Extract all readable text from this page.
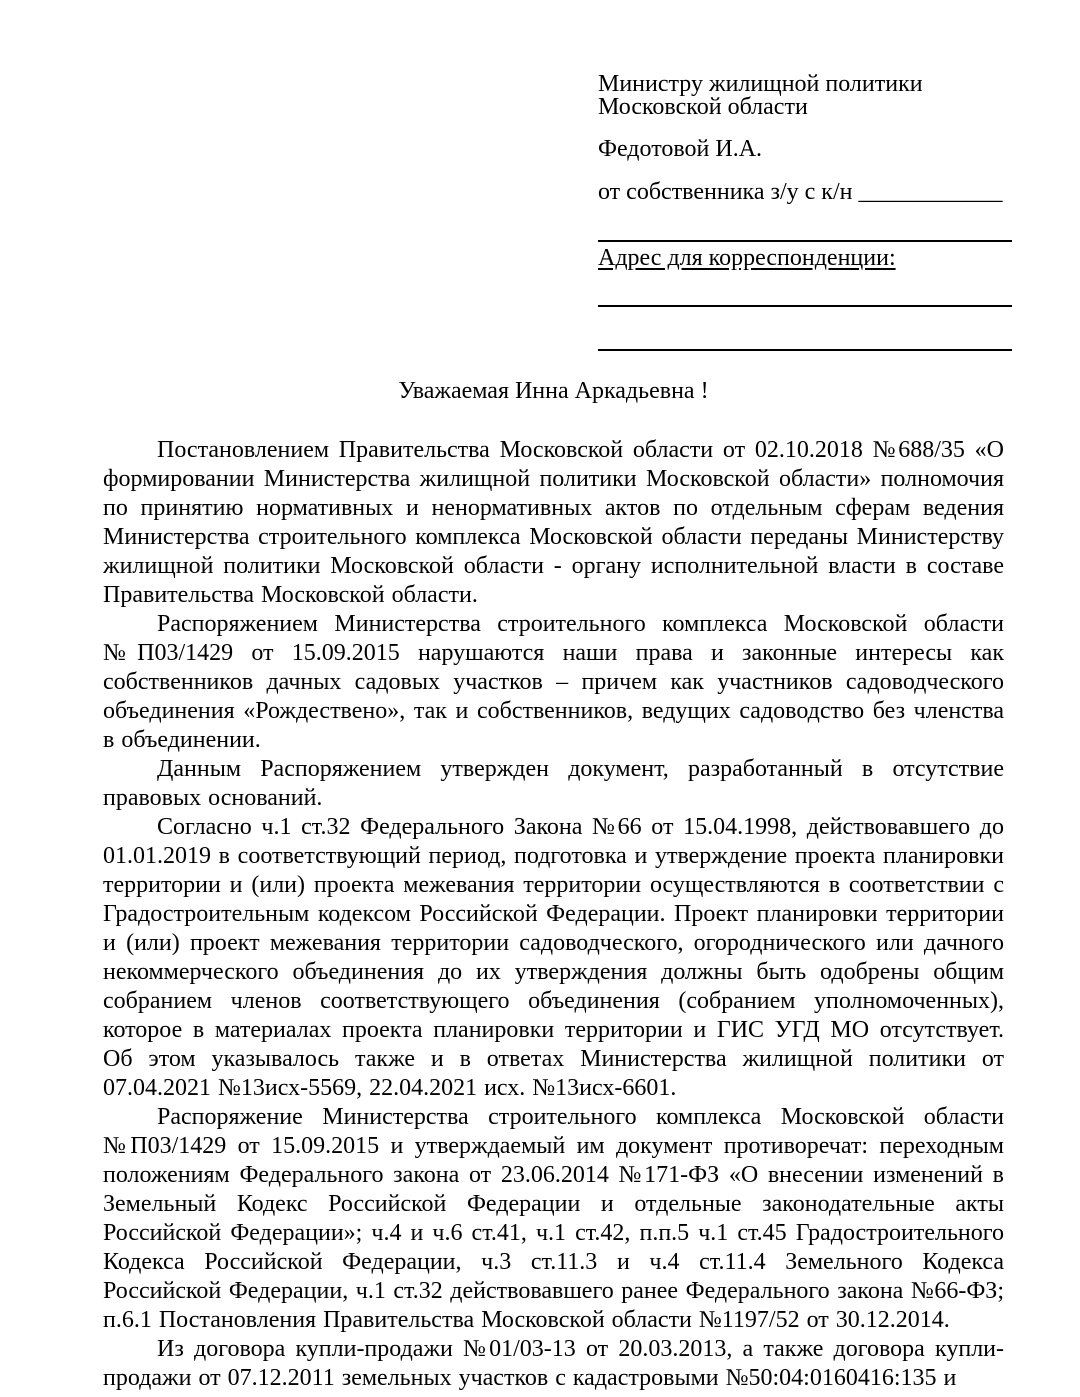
Министру жилищной политики
Московской области
Федотовой И.А.
от собственника з/у с к/н ____________
Адрес для корреспонденции:
Уважаемая Инна Аркадьевна !

Постановлением Правительства Московской области от 02.10.2018 №688/35 «О формировании Министерства жилищной политики Московской области» полномочия по принятию нормативных и ненормативных актов по отдельным сферам ведения Министерства строительного комплекса Московской области переданы Министерству жилищной политики Московской области - органу исполнительной власти в составе Правительства Московской области.

Распоряжением Министерства строительного комплекса Московской области №П03/1429 от 15.09.2015 нарушаются наши права и законные интересы как собственников дачных садовых участков – причем как участников садоводческого объединения «Рождествено», так и собственников, ведущих садоводство без членства в объединении.

Данным Распоряжением утвержден документ, разработанный в отсутствие правовых оснований.

Согласно ч.1 ст.32 Федерального Закона №66 от 15.04.1998, действовавшего до 01.01.2019 в соответствующий период, подготовка и утверждение проекта планировки территории и (или) проекта межевания территории осуществляются в соответствии с Градостроительным кодексом Российской Федерации. Проект планировки территории и (или) проект межевания территории садоводческого, огороднического или дачного некоммерческого объединения до их утверждения должны быть одобрены общим собранием членов соответствующего объединения (собранием уполномоченных), которое в материалах проекта планировки территории и ГИС УГД МО отсутствует. Об этом указывалось также и в ответах Министерства жилищной политики от 07.04.2021 №13исх-5569, 22.04.2021 исх. №13исх-6601.

Распоряжение Министерства строительного комплекса Московской области №П03/1429 от 15.09.2015 и утверждаемый им документ противоречат: переходным положениям Федерального закона от 23.06.2014 №171-ФЗ «О внесении изменений в Земельный Кодекс Российской Федерации и отдельные законодательные акты Российской Федерации»; ч.4 и ч.6 ст.41, ч.1 ст.42, п.п.5 ч.1 ст.45 Градостроительного Кодекса Российской Федерации, ч.3 ст.11.3 и ч.4 ст.11.4 Земельного Кодекса Российской Федерации, ч.1 ст.32 действовавшего ранее Федерального закона №66-ФЗ; п.6.1 Постановления Правительства Московской области №1197/52 от 30.12.2014.

Из договора купли-продажи №01/03-13 от 20.03.2013, а также договора купли-продажи от 07.12.2011 земельных участков с кадастровыми №50:04:0160416:135 и
